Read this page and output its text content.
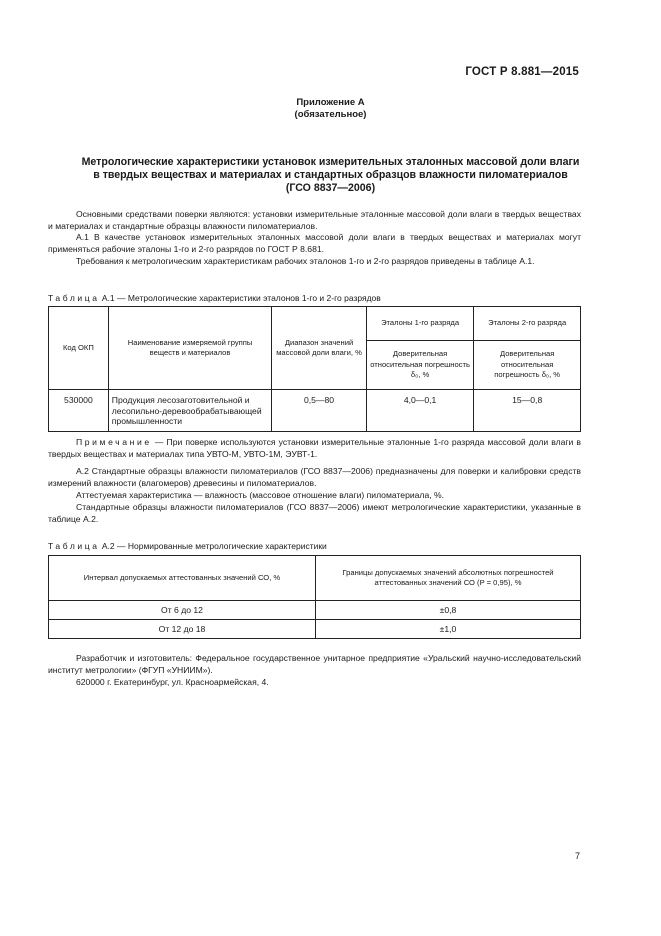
ГОСТ Р 8.881—2015
Приложение А
(обязательное)
Метрологические характеристики установок измерительных эталонных массовой доли влаги
в твердых веществах и материалах и стандартных образцов влажности пиломатериалов
(ГСО 8837—2006)
Основными средствами поверки являются: установки измерительные эталонные массовой доли влаги в твердых веществах и материалах и стандартные образцы влажности пиломатериалов.
А.1 В качестве установок измерительных эталонных массовой доли влаги в твердых веществах и материалах могут применяться рабочие эталоны 1-го и 2-го разрядов по ГОСТ Р 8.681.
Требования к метрологическим характеристикам рабочих эталонов 1-го и 2-го разрядов приведены в таблице А.1.
Таблица А.1 — Метрологические характеристики эталонов 1-го и 2-го разрядов
Код ОКП	Наименование измеряемой группы веществ и материалов	Диапазон значений массовой доли влаги, %	Эталоны 1-го разряда	Эталоны 2-го разряда
			Доверительная относительная погрешность δ₀, %	Доверительная относительная погрешность δ₀, %
530000	Продукция лесозаготовительной и лесопильно-деревообрабатывающей промышленности	0,5—80	4,0—0,1	15—0,8
Примечание — При поверке используются установки измерительные эталонные 1-го разряда массовой доли влаги в твердых веществах и материалах типа УВТО-М, УВТО-1М, ЭУВТ-1.
А.2 Стандартные образцы влажности пиломатериалов (ГСО 8837—2006) предназначены для поверки и калибровки средств измерений влажности (влагомеров) древесины и пиломатериалов.
Аттестуемая характеристика — влажность (массовое отношение влаги) пиломатериала, %.
Стандартные образцы влажности пиломатериалов (ГСО 8837—2006) имеют метрологические характеристики, указанные в таблице А.2.
Таблица А.2 — Нормированные метрологические характеристики
Интервал допускаемых аттестованных значений СО, %	Границы допускаемых значений абсолютных погрешностей аттестованных значений СО (P = 0,95), %
От 6 до 12	±0,8
От 12 до 18	±1,0
Разработчик и изготовитель: Федеральное государственное унитарное предприятие «Уральский научно-исследовательский институт метрологии» (ФГУП «УНИИМ»).
620000 г. Екатеринбург, ул. Красноармейская, 4.
7
